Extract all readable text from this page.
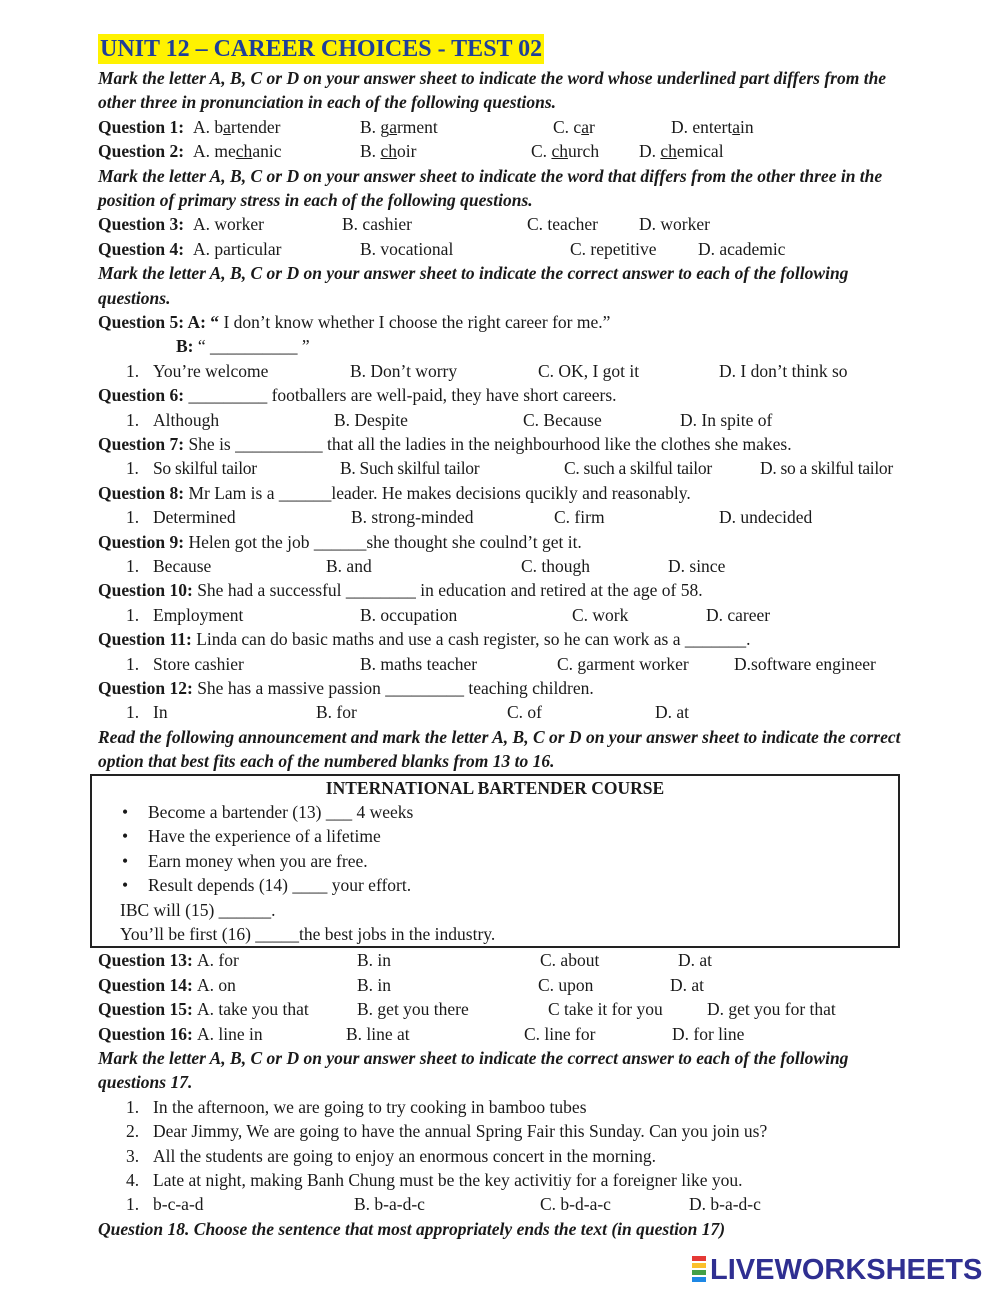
UNIT 12 – CAREER CHOICES - TEST 02
Mark the letter A, B, C or D on your answer sheet to indicate the word whose underlined part differs from the other three in pronunciation in each of the following questions.
Question 1: A. bartender	B. garment	C. car	D. entertain
Question 2: A. mechanic	B. choir	C. church D. chemical
Mark the letter A, B, C or D on your answer sheet to indicate the word that differs from the other three in the position of primary stress in each of the following questions.
Question 3: A. worker	B. cashier	C. teacher D. worker
Question 4: A. particular	B. vocational	C. repetitive D. academic
Mark the letter A, B, C or D on your answer sheet to indicate the correct answer to each of the following questions.
Question 5: A: “ I don’t know whether I choose the right career for me.”
B: “ __________ ”
1. You’re welcome	B. Don’t worry	C. OK, I got it	D. I don’t think so
Question 6: _________ footballers are well-paid, they have short careers.
1. Although	B. Despite	C. Because	D. In spite of
Question 7: She is __________ that all the ladies in the neighbourhood like the clothes she makes.
1. So skilful tailor	B. Such skilful tailor	C. such a skilful tailor	D. so a skilful tailor
Question 8: Mr Lam is a ______leader. He makes decisions qucikly and reasonably.
1. Determined	B. strong-minded	C. firm	D. undecided
Question 9: Helen got the job ______she thought she coulnd’t get it.
1. Because	B. and	C. though	D. since
Question 10: She had a successful ________ in education and retired at the age of 58.
1. Employment	B. occupation	C. work	D. career
Question 11: Linda can do basic maths and use a cash register, so he can work as a _______.
1. Store cashier	B. maths teacher	C. garment worker	D.software engineer
Question 12: She has a massive passion _________ teaching children.
1. In	B. for	C. of	D. at
Read the following announcement and mark the letter A, B, C or D on your answer sheet to indicate the correct option that best fits each of the numbered blanks from 13 to 16.
INTERNATIONAL BARTENDER COURSE
• Become a bartender (13) ___ 4 weeks
• Have the experience of a lifetime
• Earn money when you are free.
• Result depends (14) ____ your effort.
IBC will (15) ______.
You’ll be first (16) _____the best jobs in the industry.
Question 13: A. for	B. in	C. about	D. at
Question 14: A. on	B. in	C. upon	D. at
Question 15: A. take you that	B. get you there	C take it for you	D. get you for that
Question 16: A. line in	B. line at	C. line for	D. for line
Mark the letter A, B, C or D on your answer sheet to indicate the correct answer to each of the following questions 17.
1. In the afternoon, we are going to try cooking in bamboo tubes
2. Dear Jimmy, We are going to have the annual Spring Fair this Sunday. Can you join us?
3. All the students are going to enjoy an enormous concert in the morning.
4. Late at night, making Banh Chung must be the key activitiy for a foreigner like you.
1. b-c-a-d	B. b-a-d-c	C. b-d-a-c	D. b-a-d-c
Question 18. Choose the sentence that most appropriately ends the text (in question 17)
LIVEWORKSHEETS
